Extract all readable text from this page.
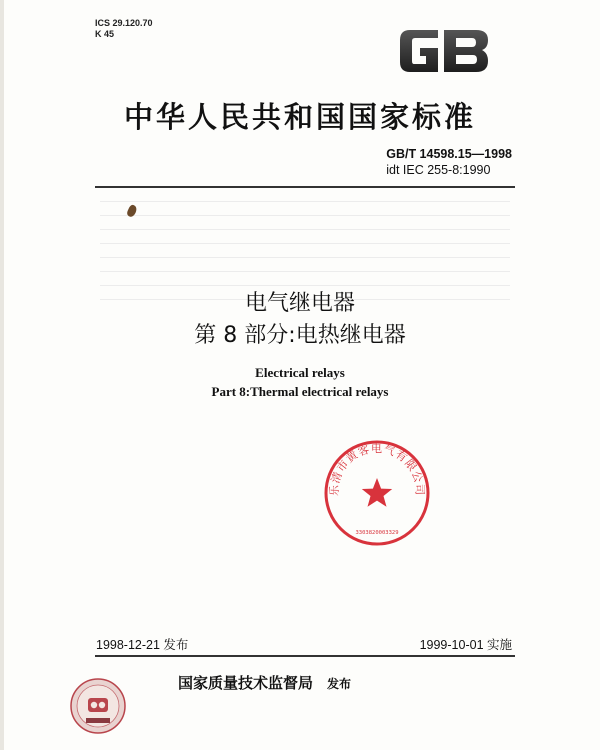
ICS 29.120.70
K 45
中华人民共和国国家标准
GB/T 14598.15—1998
idt IEC 255-8:1990
电气继电器
第 8 部分:电热继电器
Electrical relays
Part 8:Thermal electrical relays
乐清市黄客电气有限公司
3303820003329
1998-12-21 发布	1999-10-01 实施
国家质量技术监督局 发布
